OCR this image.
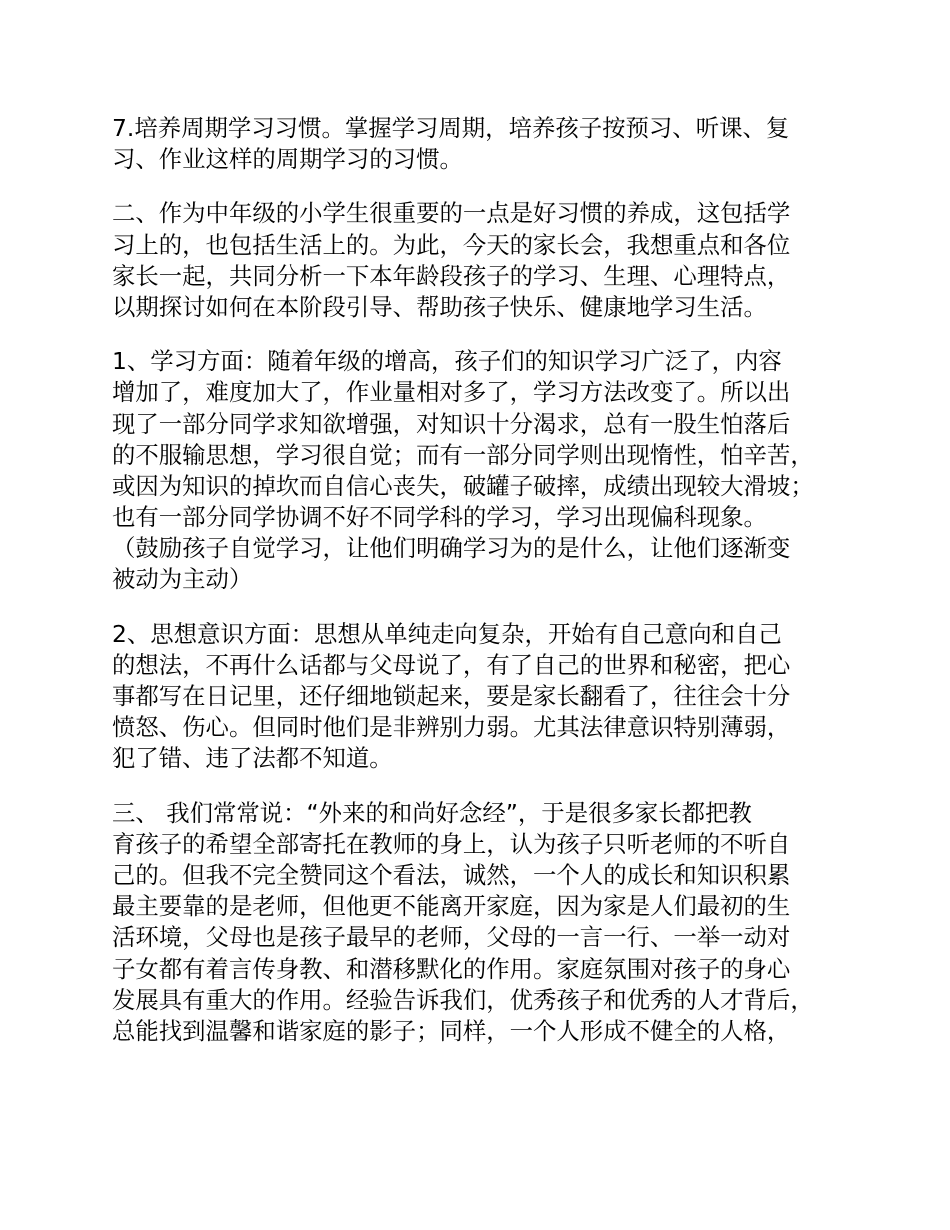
7.培养周期学习习惯。掌握学习周期，培养孩子按预习、听课、复
习、作业这样的周期学习的习惯。
二、作为中年级的小学生很重要的一点是好习惯的养成，这包括学
习上的，也包括生活上的。为此，今天的家长会，我想重点和各位
家长一起，共同分析一下本年龄段孩子的学习、生理、心理特点，
以期探讨如何在本阶段引导、帮助孩子快乐、健康地学习生活。
1、学习方面：随着年级的增高，孩子们的知识学习广泛了，内容
增加了，难度加大了，作业量相对多了，学习方法改变了。所以出
现了一部分同学求知欲增强，对知识十分渴求，总有一股生怕落后
的不服输思想，学习很自觉；而有一部分同学则出现惰性，怕辛苦，
或因为知识的掉坎而自信心丧失，破罐子破摔，成绩出现较大滑坡；
也有一部分同学协调不好不同学科的学习，学习出现偏科现象。
（鼓励孩子自觉学习，让他们明确学习为的是什么，让他们逐渐变
被动为主动）
2、思想意识方面：思想从单纯走向复杂，开始有自己意向和自己
的想法，不再什么话都与父母说了，有了自己的世界和秘密，把心
事都写在日记里，还仔细地锁起来，要是家长翻看了，往往会十分
愤怒、伤心。但同时他们是非辨别力弱。尤其法律意识特别薄弱，
犯了错、违了法都不知道。
三、 我们常常说：“外来的和尚好念经”，于是很多家长都把教
育孩子的希望全部寄托在教师的身上，认为孩子只听老师的不听自
己的。但我不完全赞同这个看法，诚然，一个人的成长和知识积累
最主要靠的是老师，但他更不能离开家庭，因为家是人们最初的生
活环境，父母也是孩子最早的老师，父母的一言一行、一举一动对
子女都有着言传身教、和潜移默化的作用。家庭氛围对孩子的身心
发展具有重大的作用。经验告诉我们，优秀孩子和优秀的人才背后，
总能找到温馨和谐家庭的影子；同样，一个人形成不健全的人格，
